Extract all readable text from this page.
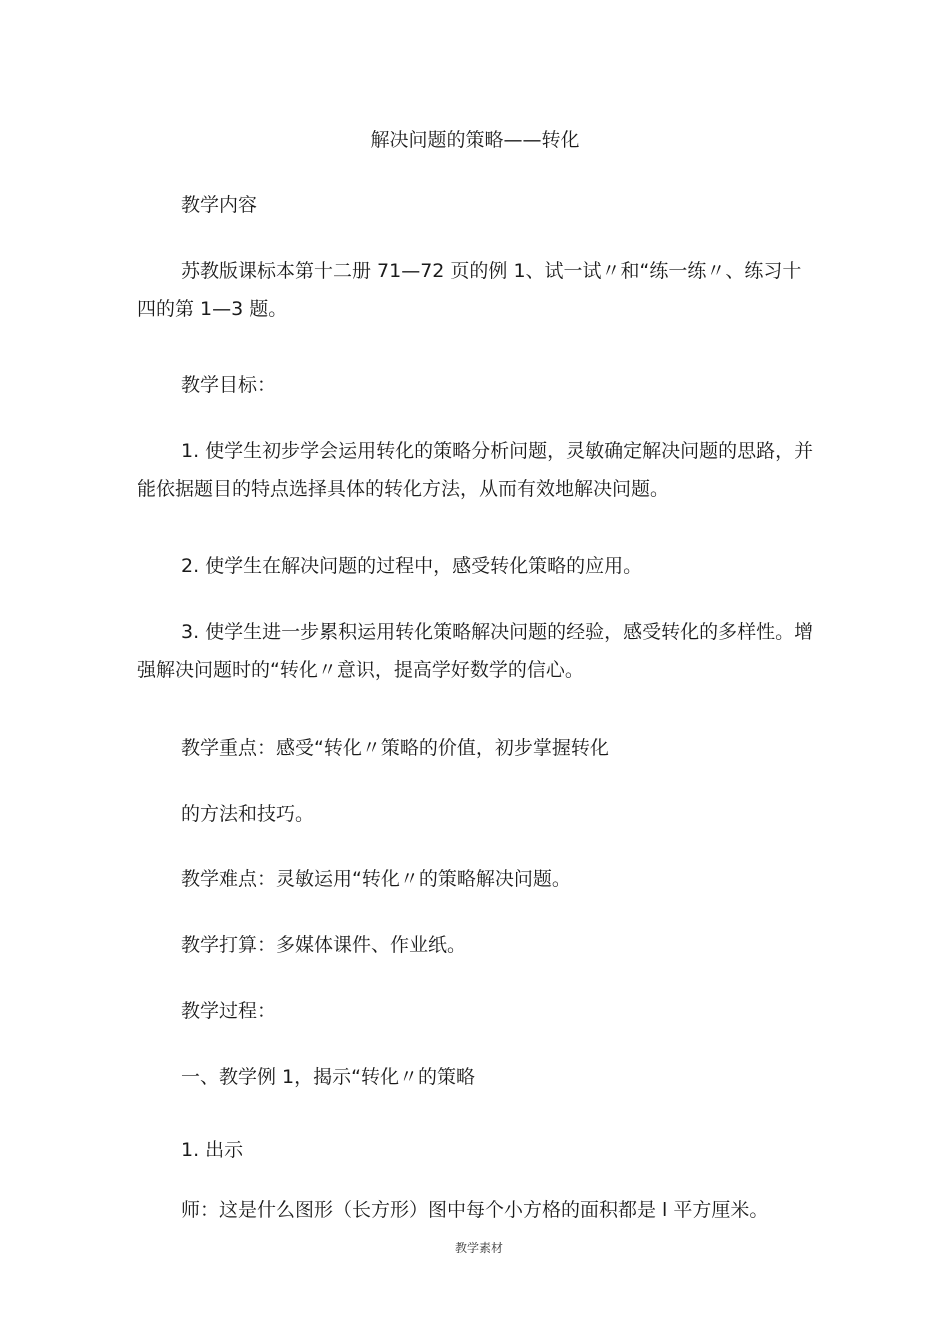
解决问题的策略——转化

教学内容

苏教版课标本第十二册 71—72 页的例 1、试一试〃和“练一练〃、练习十四的第 1—3 题。

教学目标：

1. 使学生初步学会运用转化的策略分析问题，灵敏确定解决问题的思路，并能依据题目的特点选择具体的转化方法，从而有效地解决问题。

2. 使学生在解决问题的过程中，感受转化策略的应用。

3. 使学生进一步累积运用转化策略解决问题的经验，感受转化的多样性。增强解决问题时的“转化〃意识，提高学好数学的信心。

教学重点：感受“转化〃策略的价值，初步掌握转化

的方法和技巧。

教学难点：灵敏运用“转化〃的策略解决问题。

教学打算：多媒体课件、作业纸。

教学过程：

一、教学例 1，揭示“转化〃的策略

1. 出示

师：这是什么图形（长方形）图中每个小方格的面积都是 l 平方厘米。

教学素材
